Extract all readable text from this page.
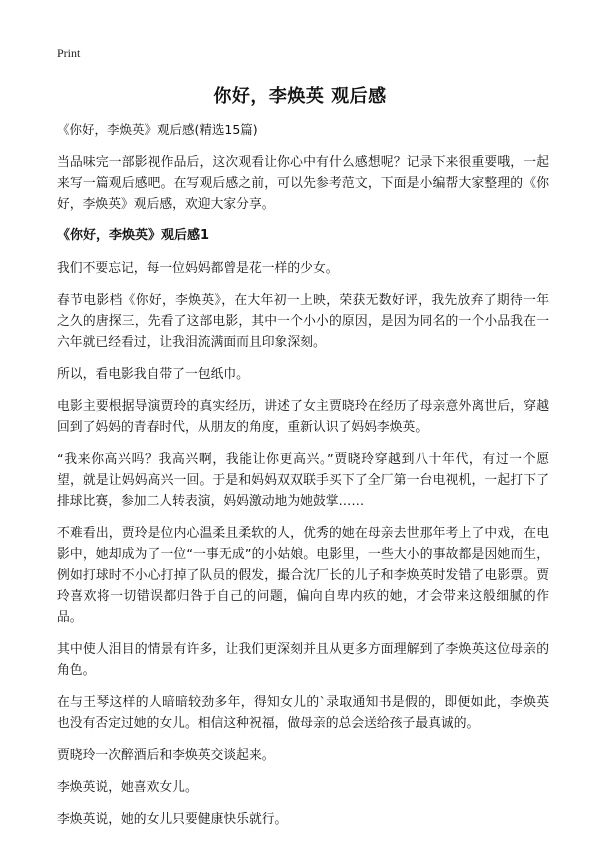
Print
你好，李焕英 观后感

《你好，李焕英》观后感(精选15篇)

当品味完一部影视作品后，这次观看让你心中有什么感想呢？记录下来很重要哦，一起来写一篇观后感吧。在写观后感之前，可以先参考范文，下面是小编帮大家整理的《你好，李焕英》观后感，欢迎大家分享。

《你好，李焕英》观后感1

我们不要忘记，每一位妈妈都曾是花一样的少女。

春节电影档《你好，李焕英》，在大年初一上映，荣获无数好评，我先放弃了期待一年之久的唐探三，先看了这部电影，其中一个小小的原因，是因为同名的一个小品我在一六年就已经看过，让我泪流满面而且印象深刻。

所以，看电影我自带了一包纸巾。

电影主要根据导演贾玲的真实经历，讲述了女主贾晓玲在经历了母亲意外离世后，穿越回到了妈妈的青春时代，从朋友的角度，重新认识了妈妈李焕英。

“我来你高兴吗？我高兴啊，我能让你更高兴。”贾晓玲穿越到八十年代，有过一个愿望，就是让妈妈高兴一回。于是和妈妈双双联手买下了全厂第一台电视机，一起打下了排球比赛，参加二人转表演，妈妈激动地为她鼓掌……

不难看出，贾玲是位内心温柔且柔软的人，优秀的她在母亲去世那年考上了中戏，在电影中，她却成为了一位“一事无成”的小姑娘。电影里，一些大小的事故都是因她而生，例如打球时不小心打掉了队员的假发，撮合沈厂长的儿子和李焕英时发错了电影票。贾玲喜欢将一切错误都归咎于自己的问题，偏向自卑内疚的她，才会带来这般细腻的作品。

其中使人泪目的情景有许多，让我们更深刻并且从更多方面理解到了李焕英这位母亲的角色。

在与王琴这样的人暗暗较劲多年，得知女儿的`录取通知书是假的，即便如此，李焕英也没有否定过她的女儿。相信这种祝福，做母亲的总会送给孩子最真诚的。

贾晓玲一次醉酒后和李焕英交谈起来。

李焕英说，她喜欢女儿。

李焕英说，她的女儿只要健康快乐就行。
